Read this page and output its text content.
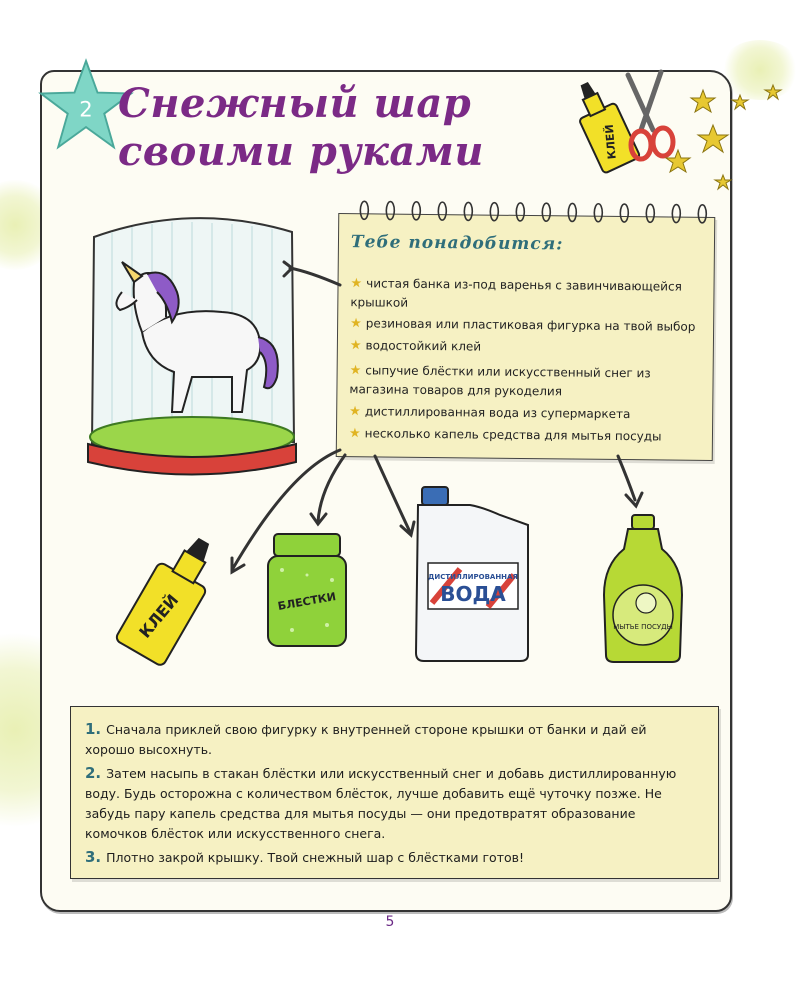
2 Снежный шар своими руками	КЛЕЙ
Тебе понадобится:
★ чистая банка из-под варенья с завинчивающейся крышкой
★ резиновая или пластиковая фигурка на твой выбор
★ водостойкий клей
★ сыпучие блёстки или искусственный снег из магазина товаров для рукоделия
★ дистиллированная вода из супермаркета
★ несколько капель средства для мытья посуды
КЛЕЙ	БЛЕСТКИ
ДИСТИЛЛИРОВАННАЯ
ВОДА
МЫТЬЕ ПОСУДЫ
1. Сначала приклей свою фигурку к внутренней стороне крышки от банки и дай ей хорошо высохнуть.
2. Затем насыпь в стакан блёстки или искусственный снег и добавь дистиллированную воду. Будь осторожна с количеством блёсток, лучше добавить ещё чуточку позже. Не забудь пару капель средства для мытья посуды — они предотвратят образование комочков блёсток или искусственного снега.
3. Плотно закрой крышку. Твой снежный шар с блёстками готов!
5
